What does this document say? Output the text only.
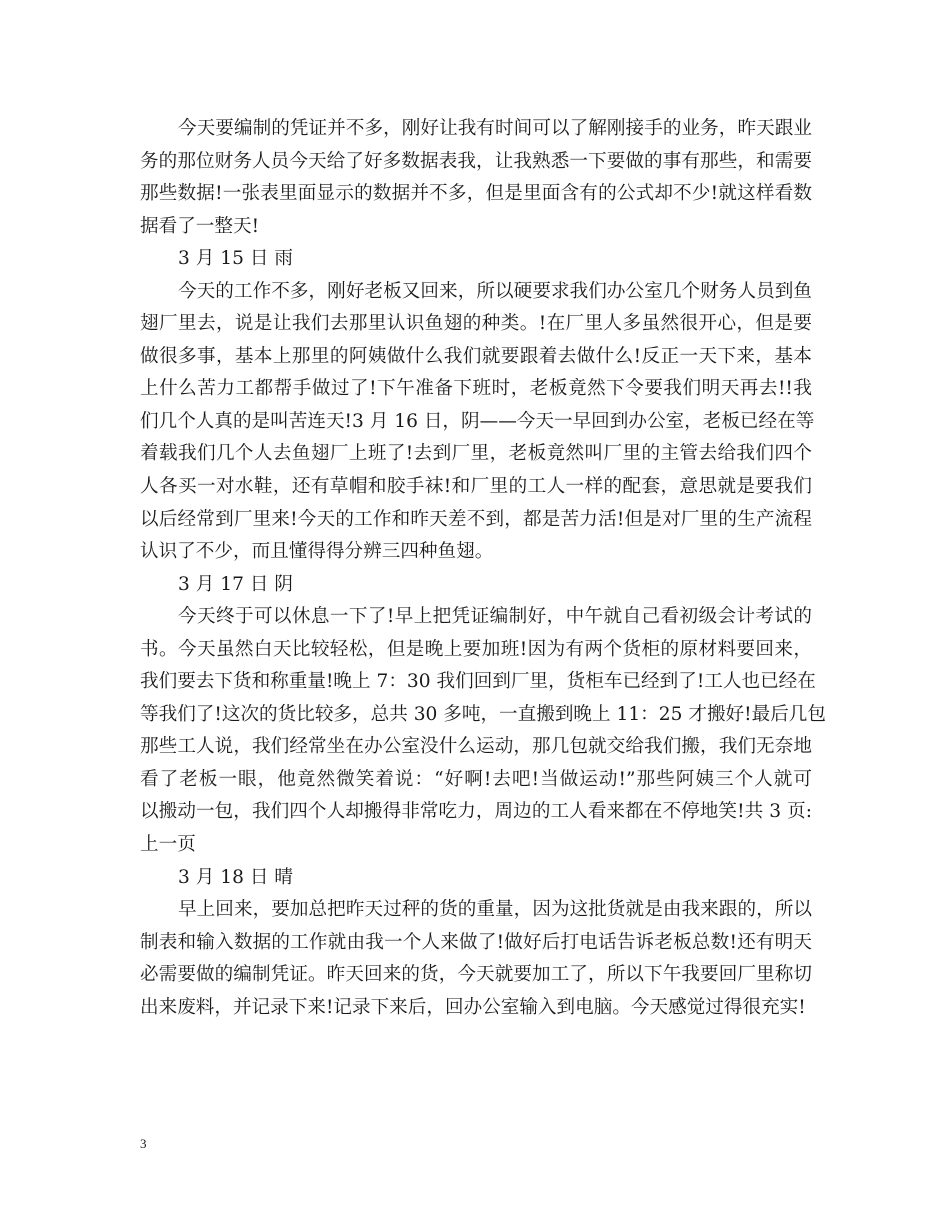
今天要编制的凭证并不多，刚好让我有时间可以了解刚接手的业务，昨天跟业
务的那位财务人员今天给了好多数据表我，让我熟悉一下要做的事有那些，和需要
那些数据!一张表里面显示的数据并不多，但是里面含有的公式却不少!就这样看数
据看了一整天!
3 月 15 日 雨
今天的工作不多，刚好老板又回来，所以硬要求我们办公室几个财务人员到鱼
翅厂里去，说是让我们去那里认识鱼翅的种类。!在厂里人多虽然很开心，但是要
做很多事，基本上那里的阿姨做什么我们就要跟着去做什么!反正一天下来，基本
上什么苦力工都帮手做过了!下午准备下班时，老板竟然下令要我们明天再去!!我
们几个人真的是叫苦连天!3 月 16 日，阴——今天一早回到办公室，老板已经在等
着载我们几个人去鱼翅厂上班了!去到厂里，老板竟然叫厂里的主管去给我们四个
人各买一对水鞋，还有草帽和胶手袜!和厂里的工人一样的配套，意思就是要我们
以后经常到厂里来!今天的工作和昨天差不到，都是苦力活!但是对厂里的生产流程
认识了不少，而且懂得得分辨三四种鱼翅。
3 月 17 日 阴
今天终于可以休息一下了!早上把凭证编制好，中午就自己看初级会计考试的
书。今天虽然白天比较轻松，但是晚上要加班!因为有两个货柜的原材料要回来，
我们要去下货和称重量!晚上 7：30 我们回到厂里，货柜车已经到了!工人也已经在
等我们了!这次的货比较多，总共 30 多吨，一直搬到晚上 11：25 才搬好!最后几包
那些工人说，我们经常坐在办公室没什么运动，那几包就交给我们搬，我们无奈地
看了老板一眼，他竟然微笑着说：“好啊!去吧!当做运动!”那些阿姨三个人就可
以搬动一包，我们四个人却搬得非常吃力，周边的工人看来都在不停地笑!共 3 页:
上一页
3 月 18 日 晴
早上回来，要加总把昨天过秤的货的重量，因为这批货就是由我来跟的，所以
制表和输入数据的工作就由我一个人来做了!做好后打电话告诉老板总数!还有明天
必需要做的编制凭证。昨天回来的货，今天就要加工了，所以下午我要回厂里称切
出来废料，并记录下来!记录下来后，回办公室输入到电脑。今天感觉过得很充实!
3
